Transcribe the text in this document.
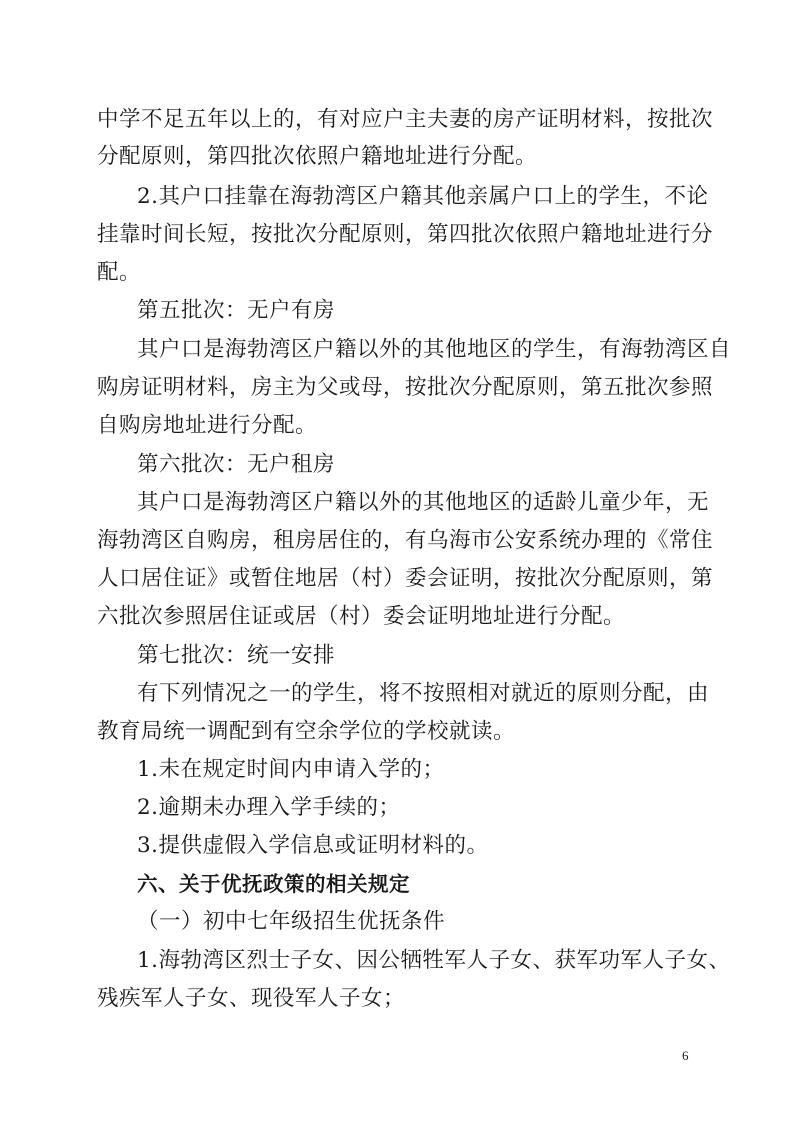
中学不足五年以上的，有对应户主夫妻的房产证明材料，按批次
分配原则，第四批次依照户籍地址进行分配。
2.其户口挂靠在海勃湾区户籍其他亲属户口上的学生，不论
挂靠时间长短，按批次分配原则，第四批次依照户籍地址进行分
配。
第五批次：无户有房
其户口是海勃湾区户籍以外的其他地区的学生，有海勃湾区自
购房证明材料，房主为父或母，按批次分配原则，第五批次参照
自购房地址进行分配。
第六批次：无户租房
其户口是海勃湾区户籍以外的其他地区的适龄儿童少年，无
海勃湾区自购房，租房居住的，有乌海市公安系统办理的《常住
人口居住证》或暂住地居（村）委会证明，按批次分配原则，第
六批次参照居住证或居（村）委会证明地址进行分配。
第七批次：统一安排
有下列情况之一的学生，将不按照相对就近的原则分配，由
教育局统一调配到有空余学位的学校就读。
1.未在规定时间内申请入学的；
2.逾期未办理入学手续的；
3.提供虚假入学信息或证明材料的。
六、关于优抚政策的相关规定
（一）初中七年级招生优抚条件
1.海勃湾区烈士子女、因公牺牲军人子女、获军功军人子女、
残疾军人子女、现役军人子女；
6
